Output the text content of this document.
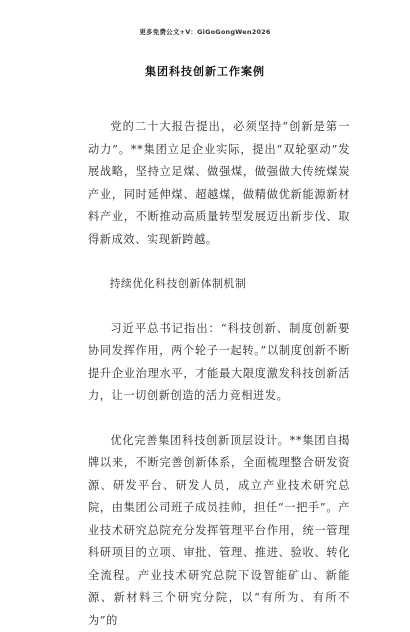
更多免费公文+V：GiGoGongWen2026
集团科技创新工作案例

党的二十大报告提出，必须坚持“创新是第一动力”。**集团立足企业实际，提出“双轮驱动”发展战略，坚持立足煤、做强煤，做强做大传统煤炭产业，同时延伸煤、超越煤，做精做优新能源新材料产业，不断推动高质量转型发展迈出新步伐、取得新成效、实现新跨越。

持续优化科技创新体制机制

习近平总书记指出：“科技创新、制度创新要协同发挥作用，两个轮子一起转。”以制度创新不断提升企业治理水平，才能最大限度激发科技创新活力，让一切创新创造的活力竞相迸发。

优化完善集团科技创新顶层设计。**集团自揭牌以来，不断完善创新体系，全面梳理整合研发资源、研发平台、研发人员，成立产业技术研究总院，由集团公司班子成员挂帅，担任“一把手”。产业技术研究总院充分发挥管理平台作用，统一管理科研项目的立项、审批、管理、推进、验收、转化全流程。产业技术研究总院下设智能矿山、新能源、新材料三个研究分院，以“有所为、有所不为”的
